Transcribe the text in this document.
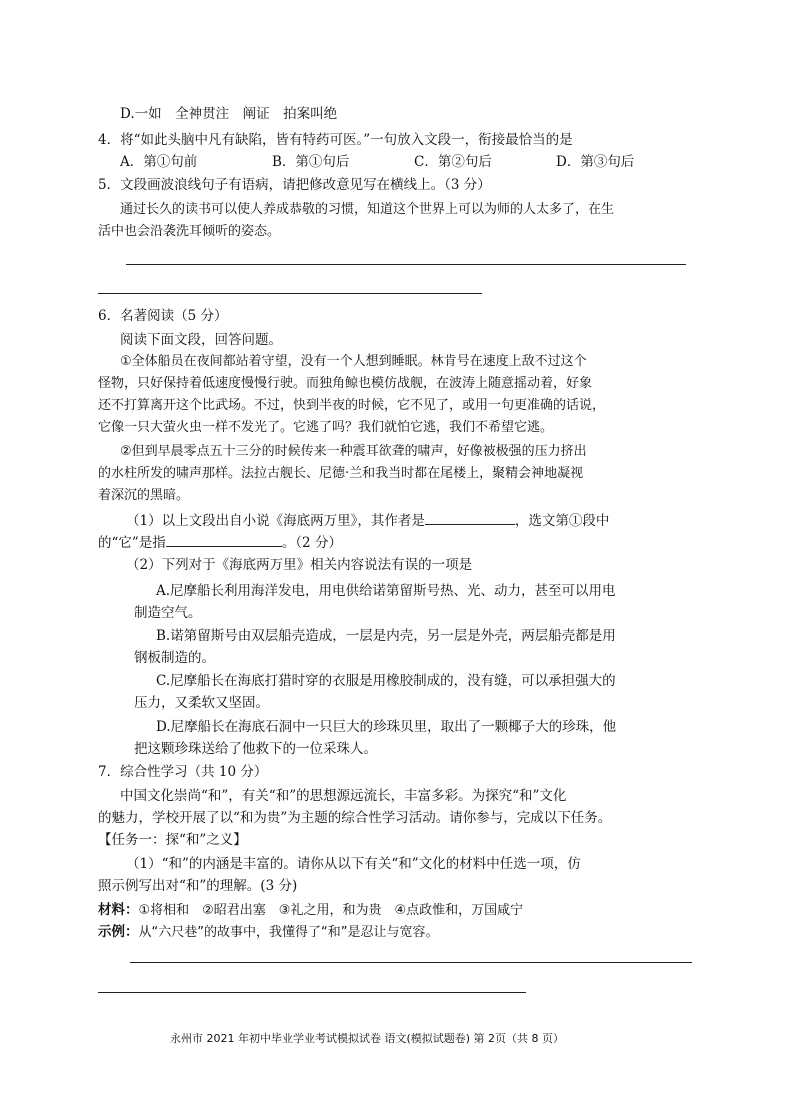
D.一如　全神贯注　阐证　拍案叫绝
4．将“如此头脑中凡有缺陷，皆有特药可医。”一句放入文段一，衔接最恰当的是
A．第①句前	B．第①句后	C．第②句后	D．第③句后
5．文段画波浪线句子有语病，请把修改意见写在横线上。（3 分）
通过长久的读书可以使人养成恭敬的习惯，知道这个世界上可以为师的人太多了，在生
活中也会沿袭洗耳倾听的姿态。
6．名著阅读（5 分）
阅读下面文段，回答问题。
①全体船员在夜间都站着守望，没有一个人想到睡眠。林肯号在速度上敌不过这个
怪物，只好保持着低速度慢慢行驶。而独角鲸也模仿战舰，在波涛上随意摇动着，好象
还不打算离开这个比武场。不过，快到半夜的时候，它不见了，或用一句更准确的话说，
它像一只大萤火虫一样不发光了。它逃了吗？我们就怕它逃，我们不希望它逃。
②但到早晨零点五十三分的时候传来一种震耳欲聋的啸声，好像被极强的压力挤出
的水柱所发的啸声那样。法拉古舰长、尼德·兰和我当时都在尾楼上，聚精会神地凝视
着深沉的黑暗。
（1）以上文段出自小说《海底两万里》，其作者是	，选文第①段中
的“它”是指	。（2 分）
（2）下列对于《海底两万里》相关内容说法有误的一项是
A.尼摩船长利用海洋发电，用电供给诺第留斯号热、光、动力，甚至可以用电
制造空气。
B.诺第留斯号由双层船壳造成，一层是内壳，另一层是外壳，两层船壳都是用
钢板制造的。
C.尼摩船长在海底打猎时穿的衣服是用橡胶制成的，没有缝，可以承担强大的
压力，又柔软又坚固。
D.尼摩船长在海底石洞中一只巨大的珍珠贝里，取出了一颗椰子大的珍珠，他
把这颗珍珠送给了他救下的一位采珠人。
7．综合性学习（共 10 分）
中国文化崇尚“和”，有关“和”的思想源远流长，丰富多彩。为探究“和”文化
的魅力，学校开展了以“和为贵”为主题的综合性学习活动。请你参与，完成以下任务。
【任务一：探“和”之义】
（1）“和”的内涵是丰富的。请你从以下有关“和”文化的材料中任选一项，仿
照示例写出对“和”的理解。(3 分)
材料：①将相和　②昭君出塞　③礼之用，和为贵　④点政惟和，万国咸宁
示例：从“六尺巷”的故事中，我懂得了“和”是忍让与宽容。
永州市 2021 年初中毕业学业考试模拟试卷 语文(模拟试题卷) 第 2页（共 8 页）
